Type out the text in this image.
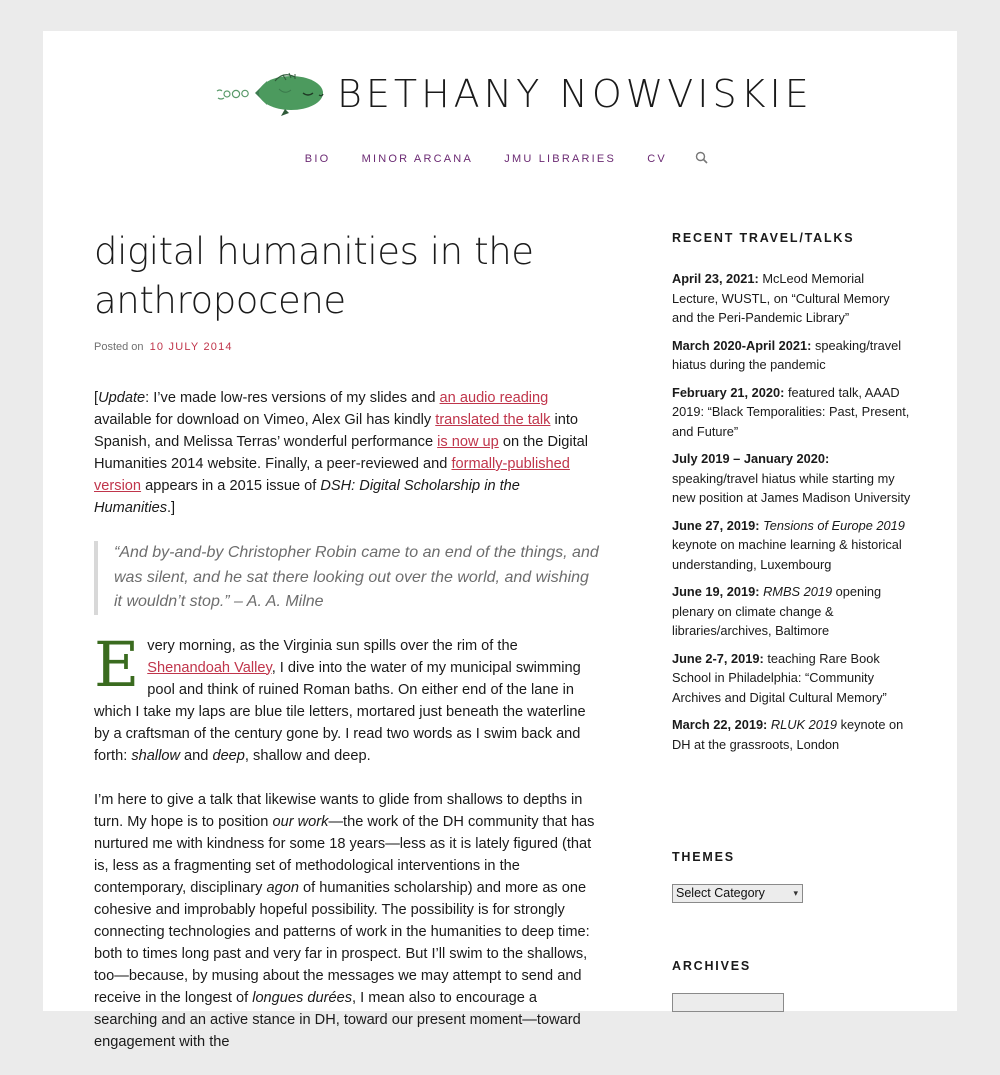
BETHANY NOWVISKIE
BIO	MINOR ARCANA	JMU LIBRARIES	CV
digital humanities in the anthropocene
Posted on 10 JULY 2014

[Update: I’ve made low-res versions of my slides and an audio reading available for download on Vimeo, Alex Gil has kindly translated the talk into Spanish, and Melissa Terras’ wonderful performance is now up on the Digital Humanities 2014 website. Finally, a peer-reviewed and formally-published version appears in a 2015 issue of DSH: Digital Scholarship in the Humanities.]

“And by-and-by Christopher Robin came to an end of the things, and was silent, and he sat there looking out over the world, and wishing it wouldn’t stop.” – A. A. Milne

Every morning, as the Virginia sun spills over the rim of the Shenandoah Valley, I dive into the water of my municipal swimming pool and think of ruined Roman baths. On either end of the lane in which I take my laps are blue tile letters, mortared just beneath the waterline by a craftsman of the century gone by. I read two words as I swim back and forth: shallow and deep, shallow and deep.

I’m here to give a talk that likewise wants to glide from shallows to depths in turn. My hope is to position our work—the work of the DH community that has nurtured me with kindness for some 18 years—less as it is lately figured (that is, less as a fragmenting set of methodological interventions in the contemporary, disciplinary agon of humanities scholarship) and more as one cohesive and improbably hopeful possibility. The possibility is for strongly connecting technologies and patterns of work in the humanities to deep time: both to times long past and very far in prospect. But I’ll swim to the shallows, too—because, by musing about the messages we may attempt to send and receive in the longest of longues durées, I mean also to encourage a searching and an active stance in DH, toward our present moment—toward engagement with the

RECENT TRAVEL/TALKS
April 23, 2021: McLeod Memorial Lecture, WUSTL, on “Cultural Memory and the Peri-Pandemic Library”
March 2020-April 2021: speaking/travel hiatus during the pandemic
February 21, 2020: featured talk, AAAD 2019: “Black Temporalities: Past, Present, and Future”
July 2019 – January 2020: speaking/travel hiatus while starting my new position at James Madison University
June 27, 2019: Tensions of Europe 2019 keynote on machine learning & historical understanding, Luxembourg
June 19, 2019: RMBS 2019 opening plenary on climate change & libraries/archives, Baltimore
June 2-7, 2019: teaching Rare Book School in Philadelphia: “Community Archives and Digital Cultural Memory”
March 22, 2019: RLUK 2019 keynote on DH at the grassroots, London
THEMES
Select Category	▾
ARCHIVES
